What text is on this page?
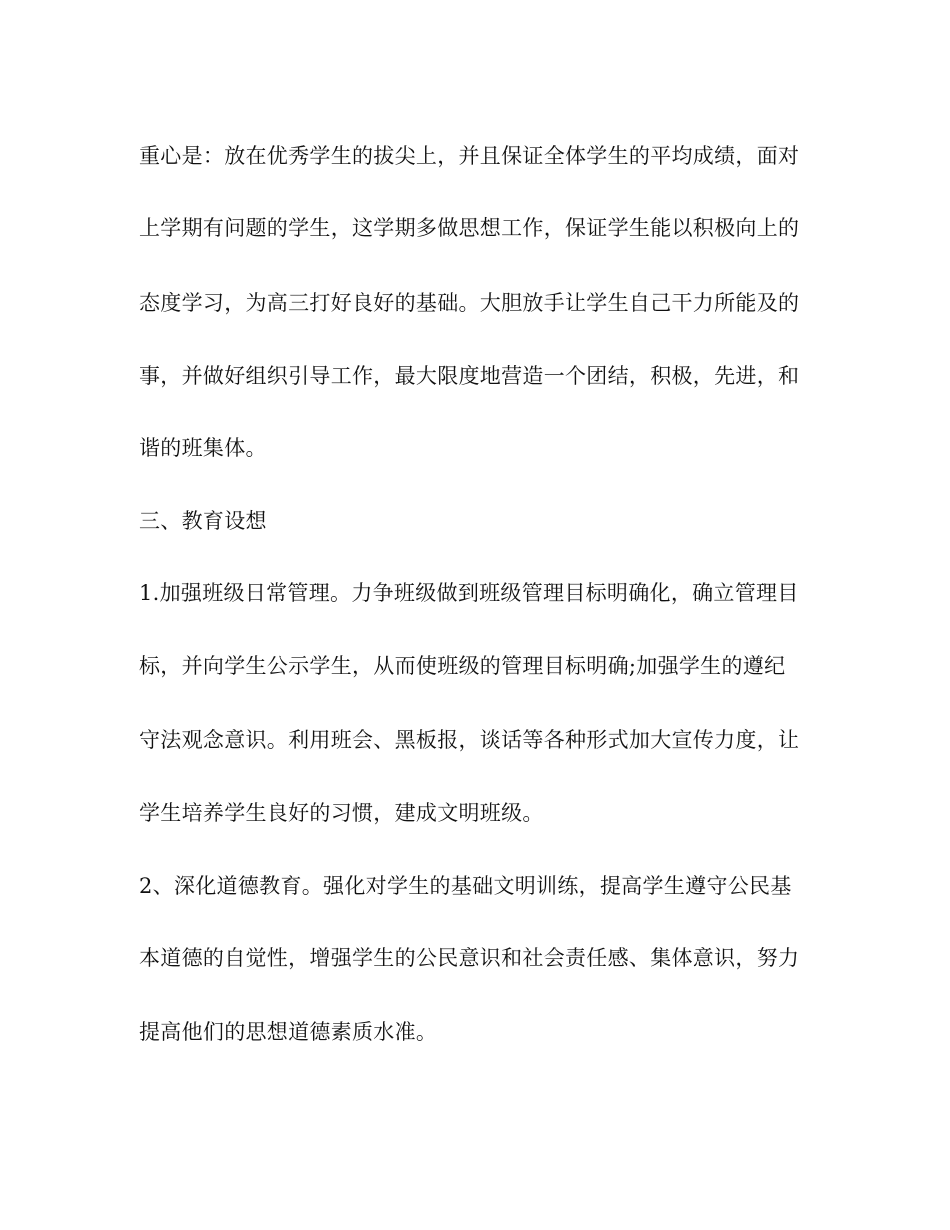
重心是：放在优秀学生的拔尖上，并且保证全体学生的平均成绩，面对
上学期有问题的学生，这学期多做思想工作，保证学生能以积极向上的
态度学习，为高三打好良好的基础。大胆放手让学生自己干力所能及的
事，并做好组织引导工作，最大限度地营造一个团结，积极，先进，和
谐的班集体。
三、教育设想
1.加强班级日常管理。力争班级做到班级管理目标明确化，确立管理目
标，并向学生公示学生，从而使班级的管理目标明确;加强学生的遵纪
守法观念意识。利用班会、黑板报，谈话等各种形式加大宣传力度，让
学生培养学生良好的习惯，建成文明班级。
2、深化道德教育。强化对学生的基础文明训练，提高学生遵守公民基
本道德的自觉性，增强学生的公民意识和社会责任感、集体意识，努力
提高他们的思想道德素质水准。
